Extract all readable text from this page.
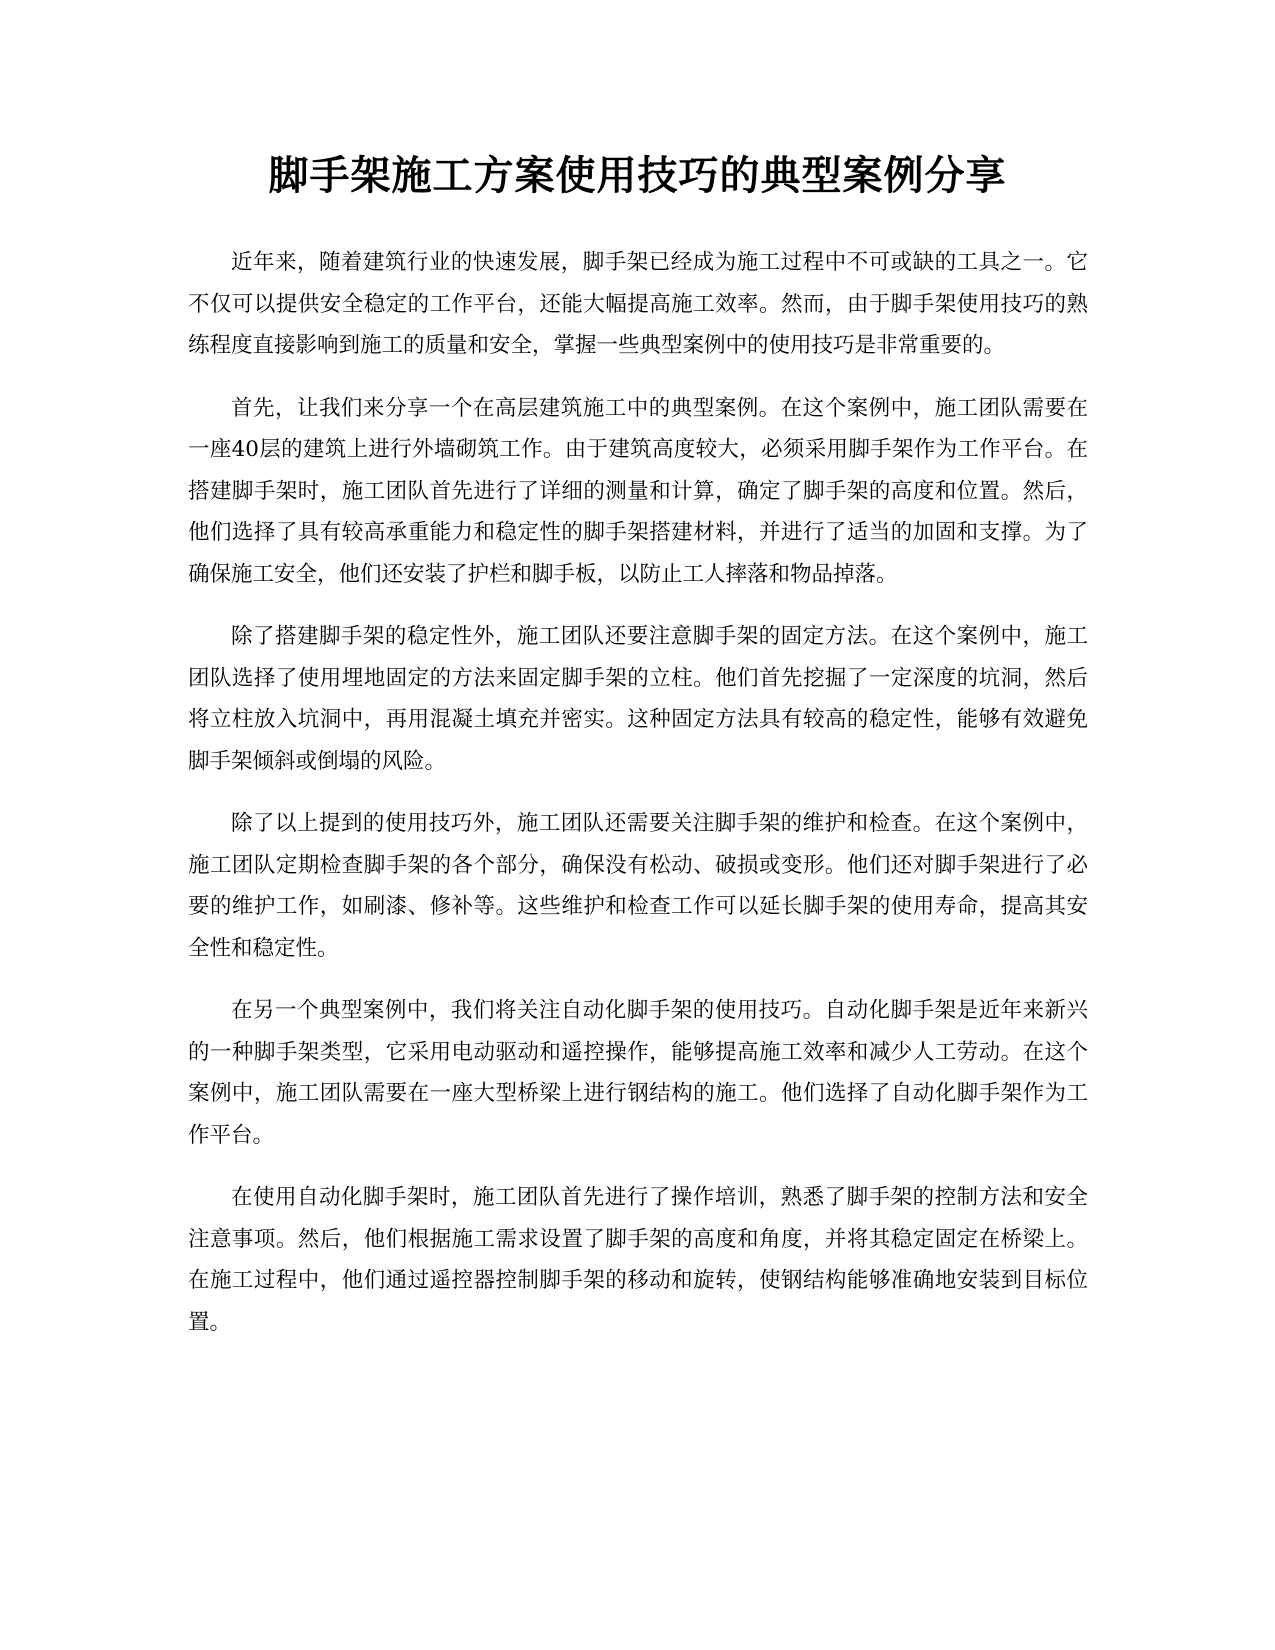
脚手架施工方案使用技巧的典型案例分享

近年来，随着建筑行业的快速发展，脚手架已经成为施工过程中不可或缺的工具之一。它不仅可以提供安全稳定的工作平台，还能大幅提高施工效率。然而，由于脚手架使用技巧的熟练程度直接影响到施工的质量和安全，掌握一些典型案例中的使用技巧是非常重要的。

首先，让我们来分享一个在高层建筑施工中的典型案例。在这个案例中，施工团队需要在一座40层的建筑上进行外墙砌筑工作。由于建筑高度较大，必须采用脚手架作为工作平台。在搭建脚手架时，施工团队首先进行了详细的测量和计算，确定了脚手架的高度和位置。然后，他们选择了具有较高承重能力和稳定性的脚手架搭建材料，并进行了适当的加固和支撑。为了确保施工安全，他们还安装了护栏和脚手板，以防止工人摔落和物品掉落。

除了搭建脚手架的稳定性外，施工团队还要注意脚手架的固定方法。在这个案例中，施工团队选择了使用埋地固定的方法来固定脚手架的立柱。他们首先挖掘了一定深度的坑洞，然后将立柱放入坑洞中，再用混凝土填充并密实。这种固定方法具有较高的稳定性，能够有效避免脚手架倾斜或倒塌的风险。

除了以上提到的使用技巧外，施工团队还需要关注脚手架的维护和检查。在这个案例中，施工团队定期检查脚手架的各个部分，确保没有松动、破损或变形。他们还对脚手架进行了必要的维护工作，如刷漆、修补等。这些维护和检查工作可以延长脚手架的使用寿命，提高其安全性和稳定性。

在另一个典型案例中，我们将关注自动化脚手架的使用技巧。自动化脚手架是近年来新兴的一种脚手架类型，它采用电动驱动和遥控操作，能够提高施工效率和减少人工劳动。在这个案例中，施工团队需要在一座大型桥梁上进行钢结构的施工。他们选择了自动化脚手架作为工作平台。

在使用自动化脚手架时，施工团队首先进行了操作培训，熟悉了脚手架的控制方法和安全注意事项。然后，他们根据施工需求设置了脚手架的高度和角度，并将其稳定固定在桥梁上。在施工过程中，他们通过遥控器控制脚手架的移动和旋转，使钢结构能够准确地安装到目标位置。
